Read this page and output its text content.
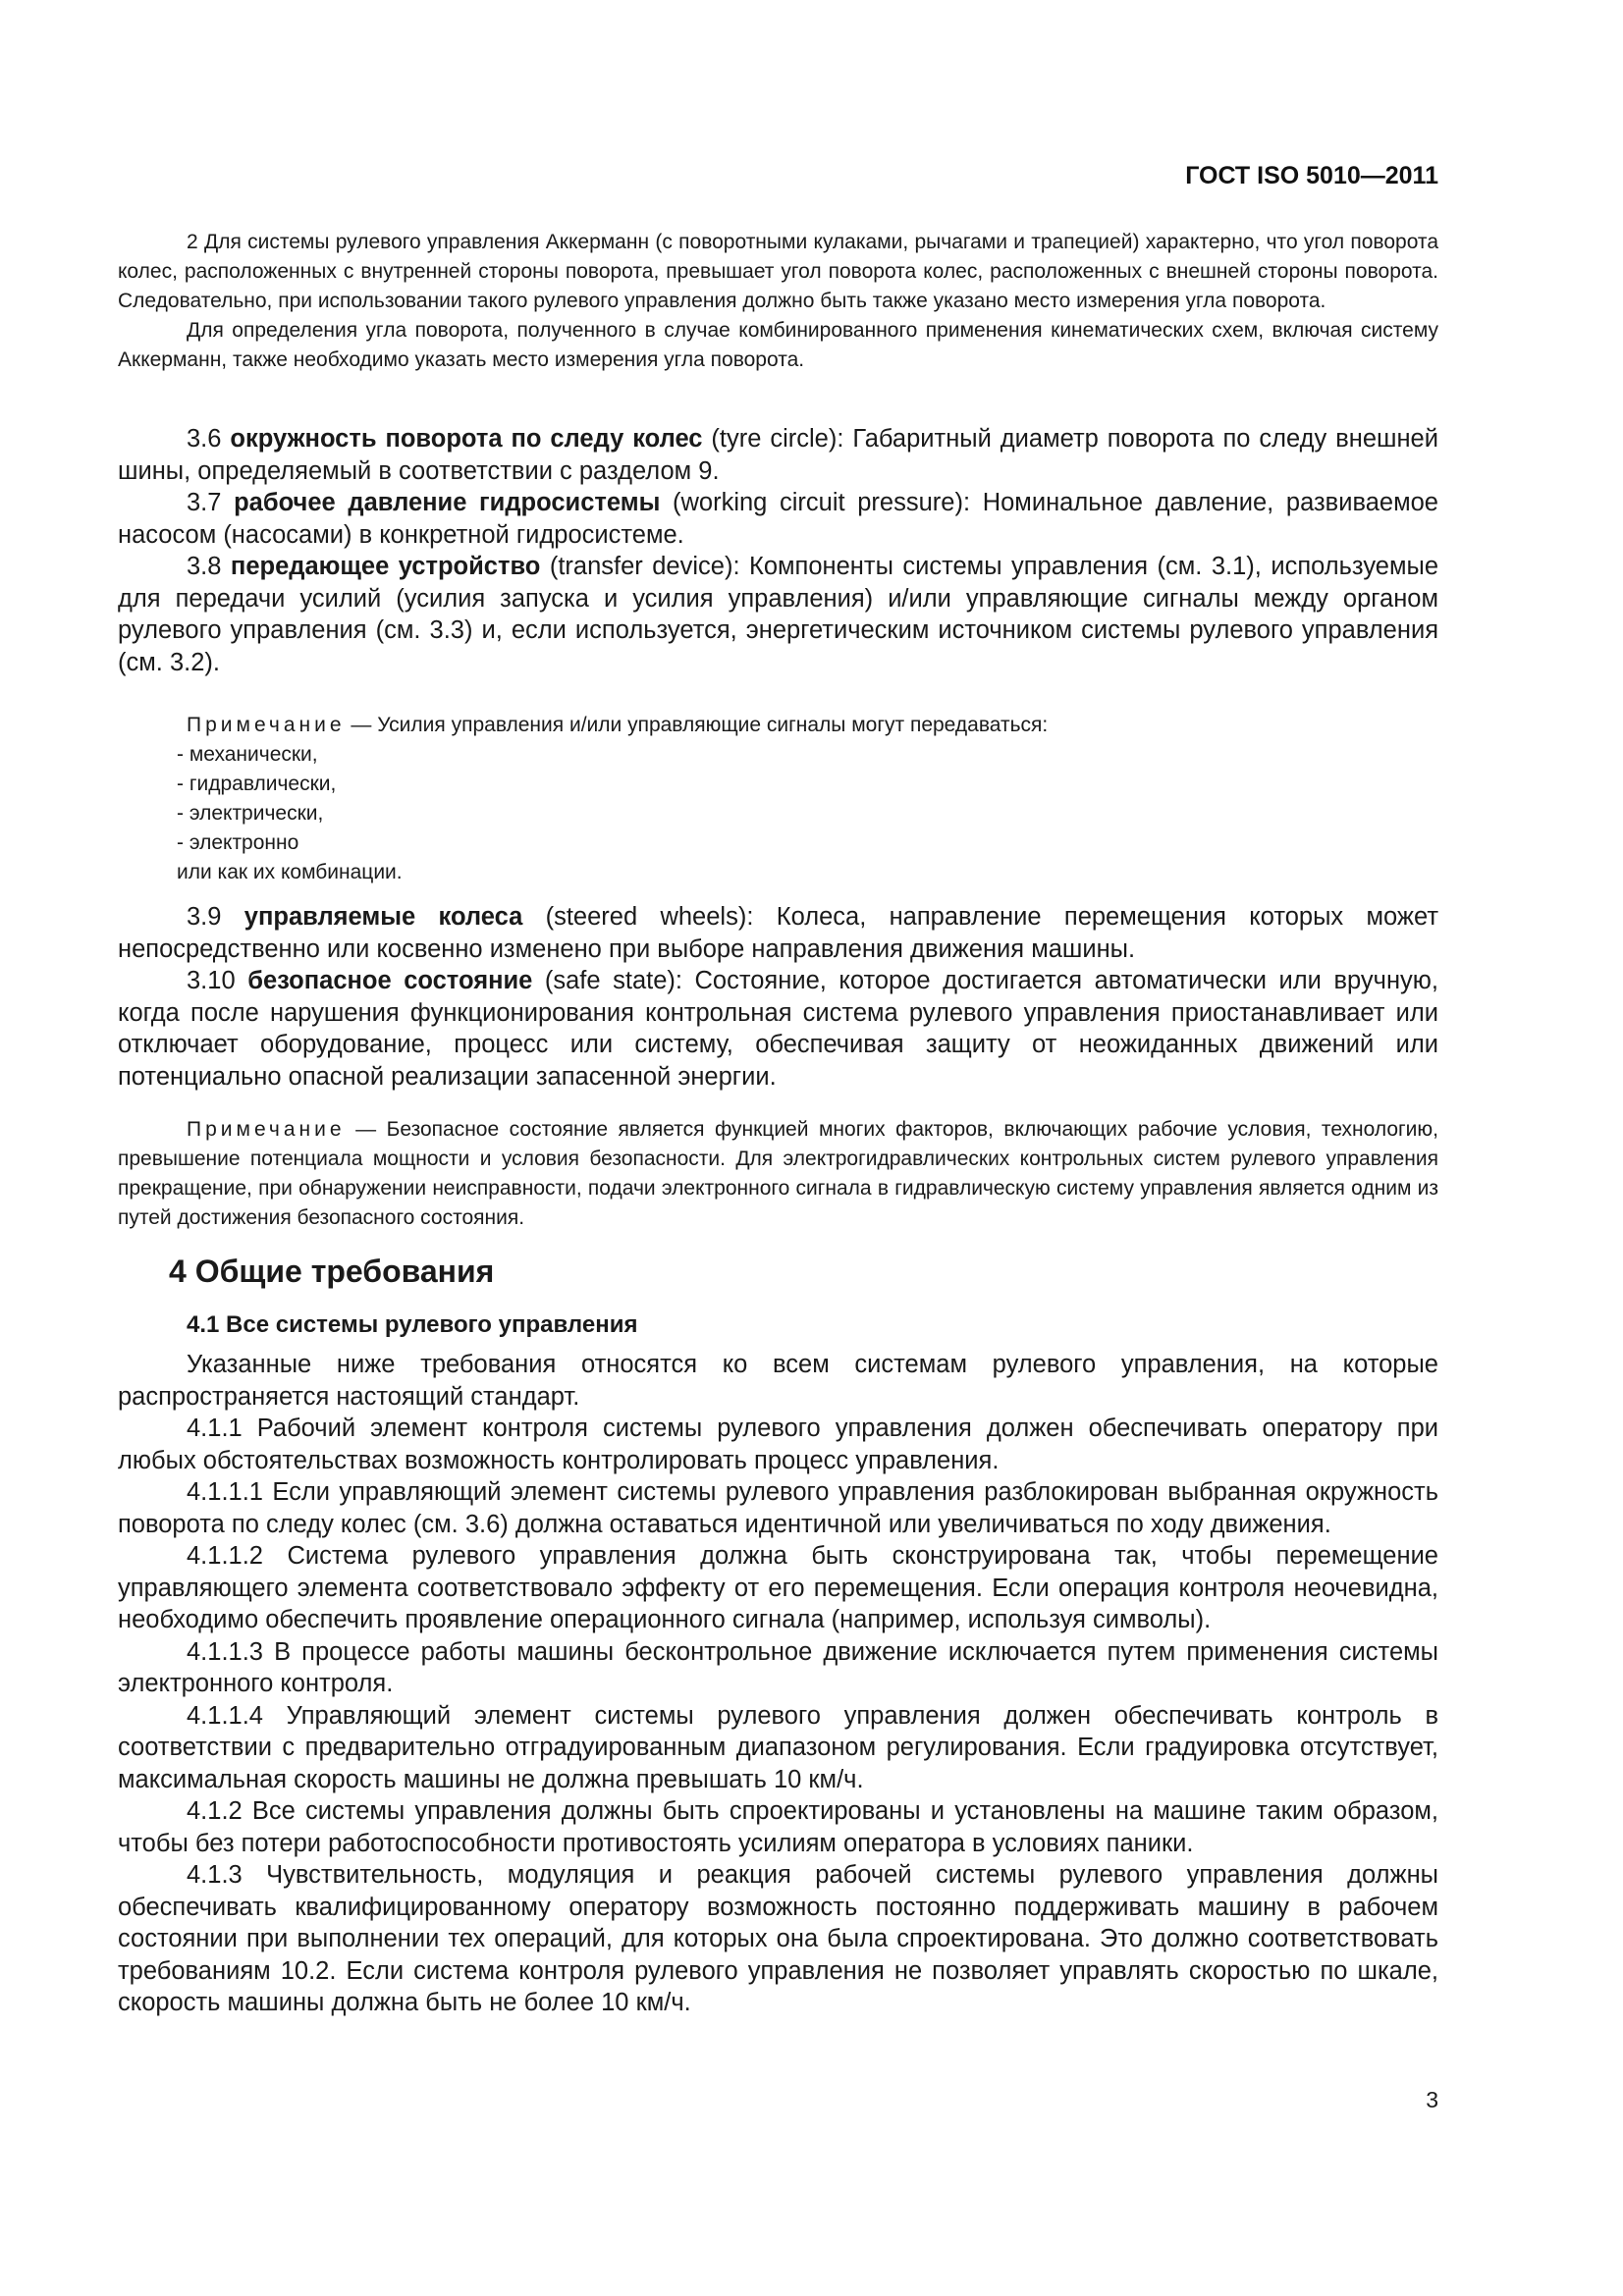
ГОСТ ISO 5010—2011

2 Для системы рулевого управления Аккерманн (с поворотными кулаками, рычагами и трапецией) характерно, что угол поворота колес, расположенных с внутренней стороны поворота, превышает угол поворота колес, расположенных с внешней стороны поворота. Следовательно, при использовании такого рулевого управления должно быть также указано место измерения угла поворота.

Для определения угла поворота, полученного в случае комбинированного применения кинематических схем, включая систему Аккерманн, также необходимо указать место измерения угла поворота.

3.6 окружность поворота по следу колес (tyre circle): Габаритный диаметр поворота по следу внешней шины, определяемый в соответствии с разделом 9.

3.7 рабочее давление гидросистемы (working circuit pressure): Номинальное давление, развиваемое насосом (насосами) в конкретной гидросистеме.

3.8 передающее устройство (transfer device): Компоненты системы управления (см. 3.1), используемые для передачи усилий (усилия запуска и усилия управления) и/или управляющие сигналы между органом рулевого управления (см. 3.3) и, если используется, энергетическим источником системы рулевого управления (см. 3.2).

Примечание — Усилия управления и/или управляющие сигналы могут передаваться:

- механически,

- гидравлически,

- электрически,

- электронно

или как их комбинации.

3.9 управляемые колеса (steered wheels): Колеса, направление перемещения которых может непосредственно или косвенно изменено при выборе направления движения машины.

3.10 безопасное состояние (safe state): Состояние, которое достигается автоматически или вручную, когда после нарушения функционирования контрольная система рулевого управления приостанавливает или отключает оборудование, процесс или систему, обеспечивая защиту от неожиданных движений или потенциально опасной реализации запасенной энергии.

Примечание — Безопасное состояние является функцией многих факторов, включающих рабочие условия, технологию, превышение потенциала мощности и условия безопасности. Для электрогидравлических контрольных систем рулевого управления прекращение, при обнаружении неисправности, подачи электронного сигнала в гидравлическую систему управления является одним из путей достижения безопасного состояния.

4 Общие требования
4.1 Все системы рулевого управления

Указанные ниже требования относятся ко всем системам рулевого управления, на которые распространяется настоящий стандарт.

4.1.1 Рабочий элемент контроля системы рулевого управления должен обеспечивать оператору при любых обстоятельствах возможность контролировать процесс управления.

4.1.1.1 Если управляющий элемент системы рулевого управления разблокирован выбранная окружность поворота по следу колес (см. 3.6) должна оставаться идентичной или увеличиваться по ходу движения.

4.1.1.2 Система рулевого управления должна быть сконструирована так, чтобы перемещение управляющего элемента соответствовало эффекту от его перемещения. Если операция контроля неочевидна, необходимо обеспечить проявление операционного сигнала (например, используя символы).

4.1.1.3 В процессе работы машины бесконтрольное движение исключается путем применения системы электронного контроля.

4.1.1.4 Управляющий элемент системы рулевого управления должен обеспечивать контроль в соответствии с предварительно отградуированным диапазоном регулирования. Если градуировка отсутствует, максимальная скорость машины не должна превышать 10 км/ч.

4.1.2 Все системы управления должны быть спроектированы и установлены на машине таким образом, чтобы без потери работоспособности противостоять усилиям оператора в условиях паники.

4.1.3 Чувствительность, модуляция и реакция рабочей системы рулевого управления должны обеспечивать квалифицированному оператору возможность постоянно поддерживать машину в рабочем состоянии при выполнении тех операций, для которых она была спроектирована. Это должно соответствовать требованиям 10.2. Если система контроля рулевого управления не позволяет управлять скоростью по шкале, скорость машины должна быть не более 10 км/ч.

3
